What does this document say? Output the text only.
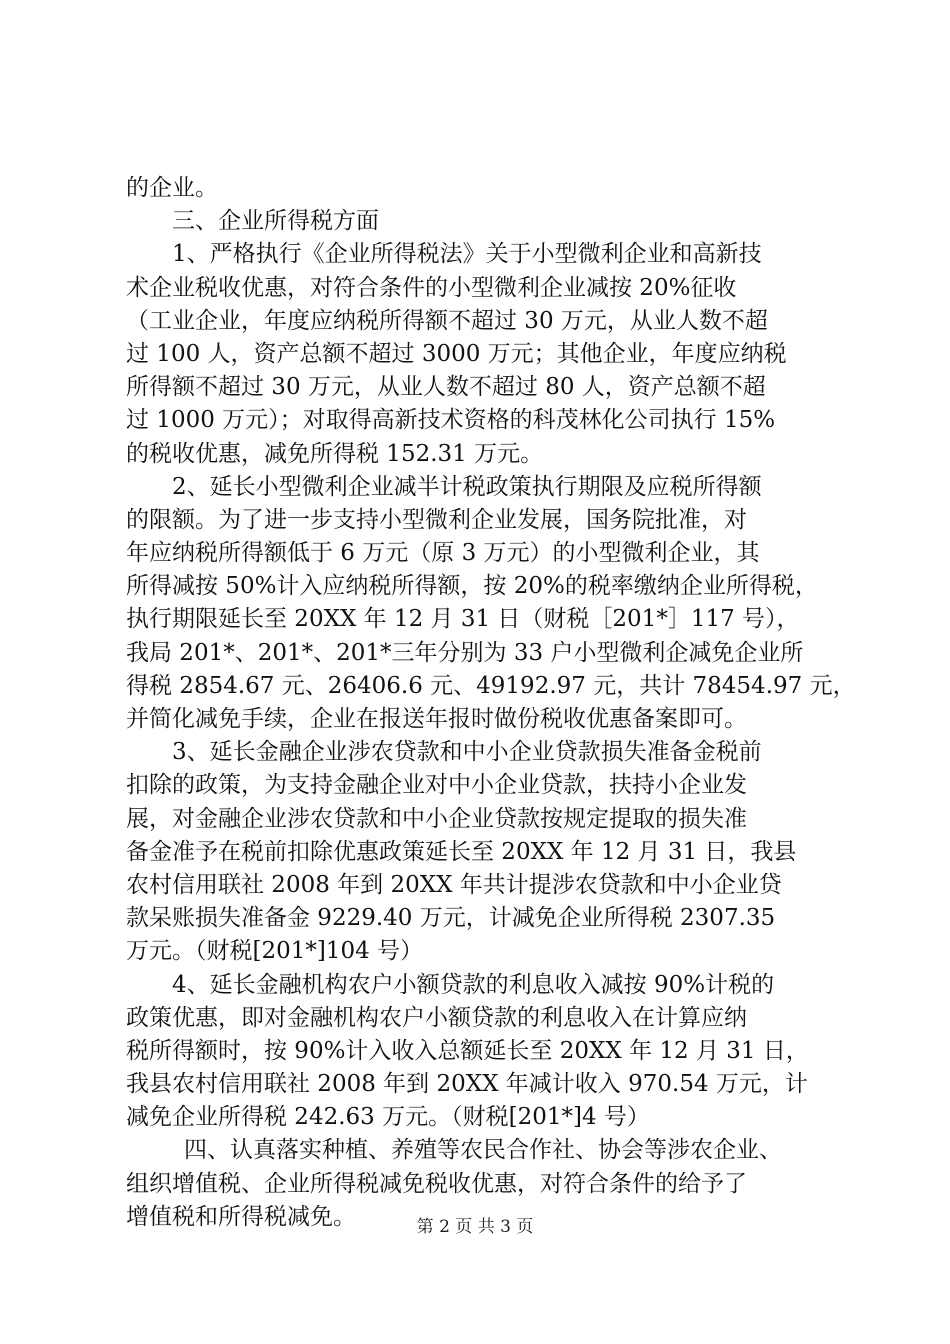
的企业。
三、企业所得税方面
1、严格执行《企业所得税法》关于小型微利企业和高新技
术企业税收优惠，对符合条件的小型微利企业减按 20%征收
（工业企业，年度应纳税所得额不超过 30 万元，从业人数不超
过 100 人，资产总额不超过 3000 万元；其他企业，年度应纳税
所得额不超过 30 万元，从业人数不超过 80 人，资产总额不超
过 1000 万元）；对取得高新技术资格的科茂林化公司执行 15%
的税收优惠，减免所得税 152.31 万元。
2、延长小型微利企业减半计税政策执行期限及应税所得额
的限额。为了进一步支持小型微利企业发展，国务院批准，对
年应纳税所得额低于 6 万元（原 3 万元）的小型微利企业，其
所得减按 50%计入应纳税所得额，按 20%的税率缴纳企业所得税，
执行期限延长至 20XX 年 12 月 31 日（财税［201*］117 号），
我局 201*、201*、201*三年分别为 33 户小型微利企减免企业所
得税 2854.67 元、26406.6 元、49192.97 元，共计 78454.97 元，
并简化减免手续，企业在报送年报时做份税收优惠备案即可。
3、延长金融企业涉农贷款和中小企业贷款损失准备金税前
扣除的政策，为支持金融企业对中小企业贷款，扶持小企业发
展，对金融企业涉农贷款和中小企业贷款按规定提取的损失准
备金准予在税前扣除优惠政策延长至 20XX 年 12 月 31 日，我县
农村信用联社 2008 年到 20XX 年共计提涉农贷款和中小企业贷
款呆账损失准备金 9229.40 万元，计减免企业所得税 2307.35
万元。（财税[201*]104 号）
4、延长金融机构农户小额贷款的利息收入减按 90%计税的
政策优惠，即对金融机构农户小额贷款的利息收入在计算应纳
税所得额时，按 90%计入收入总额延长至 20XX 年 12 月 31 日，
我县农村信用联社 2008 年到 20XX 年减计收入 970.54 万元，计
减免企业所得税 242.63 万元。（财税[201*]4 号）
四、认真落实种植、养殖等农民合作社、协会等涉农企业、
组织增值税、企业所得税减免税收优惠，对符合条件的给予了
增值税和所得税减免。	第 2 页 共 3 页
